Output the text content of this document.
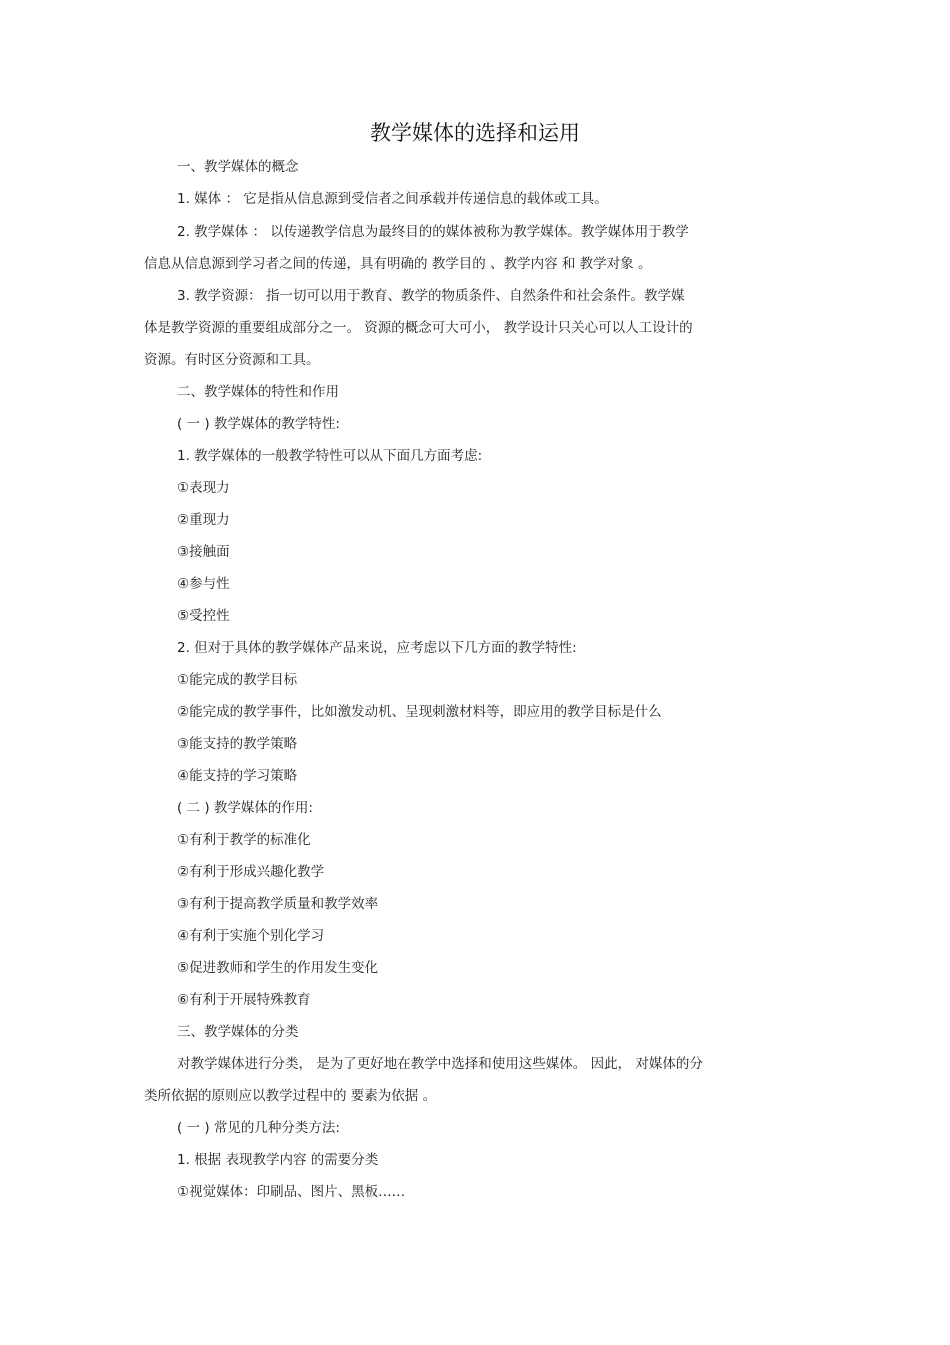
教学媒体的选择和运用
一、教学媒体的概念
1. 媒体 ： 它是指从信息源到受信者之间承载并传递信息的载体或工具。
2. 教学媒体 ： 以传递教学信息为最终目的的媒体被称为教学媒体。教学媒体用于教学
信息从信息源到学习者之间的传递，具有明确的 教学目的 、教学内容 和 教学对象 。
3. 教学资源： 指一切可以用于教育、教学的物质条件、自然条件和社会条件。教学媒
体是教学资源的重要组成部分之一。 资源的概念可大可小， 教学设计只关心可以人工设计的
资源。有时区分资源和工具。
二、教学媒体的特性和作用
( 一 ) 教学媒体的教学特性:
1. 教学媒体的一般教学特性可以从下面几方面考虑:
①表现力
②重现力
③接触面
④参与性
⑤受控性
2. 但对于具体的教学媒体产品来说，应考虑以下几方面的教学特性:
①能完成的教学目标
②能完成的教学事件，比如激发动机、呈现刺激材料等，即应用的教学目标是什么
③能支持的教学策略
④能支持的学习策略
( 二 ) 教学媒体的作用:
①有利于教学的标准化
②有利于形成兴趣化教学
③有利于提高教学质量和教学效率
④有利于实施个别化学习
⑤促进教师和学生的作用发生变化
⑥有利于开展特殊教育
三、教学媒体的分类
对教学媒体进行分类， 是为了更好地在教学中选择和使用这些媒体。 因此， 对媒体的分
类所依据的原则应以教学过程中的 要素为依据 。
( 一 ) 常见的几种分类方法:
1. 根据 表现教学内容 的需要分类
①视觉媒体：印刷品、图片、黑板……
